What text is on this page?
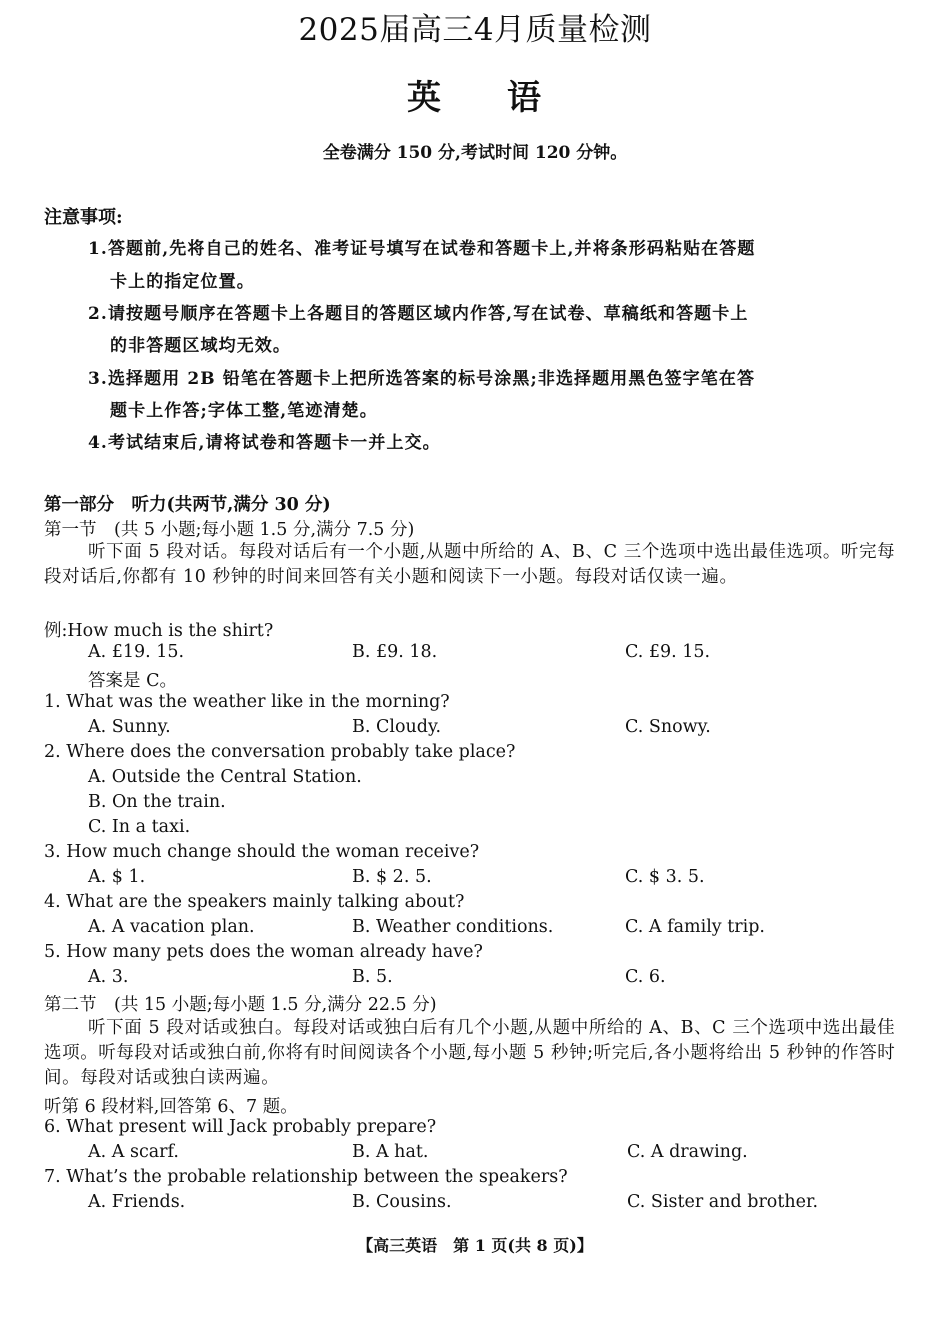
2025届高三4月质量检测
英 语
全卷满分 150 分,考试时间 120 分钟。
注意事项:
1.答题前,先将自己的姓名、准考证号填写在试卷和答题卡上,并将条形码粘贴在答题
卡上的指定位置。
2.请按题号顺序在答题卡上各题目的答题区域内作答,写在试卷、草稿纸和答题卡上
的非答题区域均无效。
3.选择题用 2B 铅笔在答题卡上把所选答案的标号涂黑;非选择题用黑色签字笔在答
题卡上作答;字体工整,笔迹清楚。
4.考试结束后,请将试卷和答题卡一并上交。
第一部分　听力(共两节,满分 30 分)
第一节　(共 5 小题;每小题 1.5 分,满分 7.5 分)
听下面 5 段对话。每段对话后有一个小题,从题中所给的 A、B、C 三个选项中选出最佳选项。听完每段对话后,你都有 10 秒钟的时间来回答有关小题和阅读下一小题。每段对话仅读一遍。
例:How much is the shirt?
A. £19. 15.	B. £9. 18.	C. £9. 15.
答案是 C。
1. What was the weather like in the morning?
A. Sunny.	B. Cloudy.	C. Snowy.
2. Where does the conversation probably take place?
A. Outside the Central Station.
B. On the train.
C. In a taxi.
3. How much change should the woman receive?
A. $ 1.	B. $ 2. 5.	C. $ 3. 5.
4. What are the speakers mainly talking about?
A. A vacation plan.	B. Weather conditions.	C. A family trip.
5. How many pets does the woman already have?
A. 3.	B. 5.	C. 6.
第二节　(共 15 小题;每小题 1.5 分,满分 22.5 分)
听下面 5 段对话或独白。每段对话或独白后有几个小题,从题中所给的 A、B、C 三个选项中选出最佳选项。听每段对话或独白前,你将有时间阅读各个小题,每小题 5 秒钟;听完后,各小题将给出 5 秒钟的作答时间。每段对话或独白读两遍。
听第 6 段材料,回答第 6、7 题。
6. What present will Jack probably prepare?
A. A scarf.	B. A hat.	C. A drawing.
7. What’s the probable relationship between the speakers?
A. Friends.	B. Cousins.	C. Sister and brother.
【高三英语　第 1 页(共 8 页)】
